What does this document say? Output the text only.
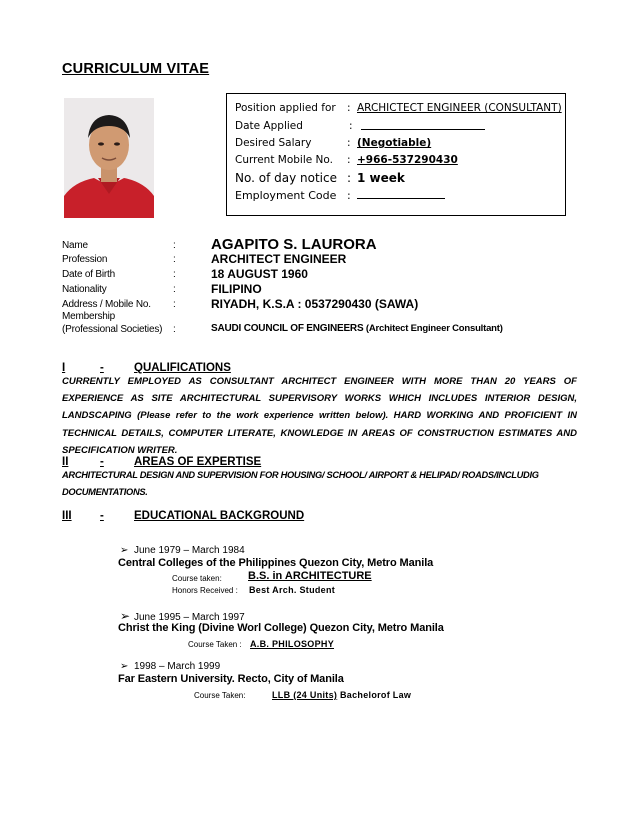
CURRICULUM VITAE
Position applied for : ARCHICTECT ENGINEER (CONSULTANT)
Date Applied	:
Desired Salary	: (Negotiable)
Current Mobile No. : +966-537290430
No. of day notice : 1 week
Employment Code :
Name	: AGAPITO S. LAURORA
Profession	:	ARCHITECT ENGINEER
Date of Birth	:	18 AUGUST 1960
Nationality	:	FILIPINO
Address / Mobile No. :	RIYADH, K.S.A : 0537290430 (SAWA)
Membership
(Professional Societies) :	SAUDI COUNCIL OF ENGINEERS (Architect Engineer Consultant)
I	-	QUALIFICATIONS
CURRENTLY EMPLOYED AS CONSULTANT ARCHITECT ENGINEER WITH MORE THAN 20 YEARS OF EXPERIENCE AS SITE ARCHITECTURAL SUPERVISORY WORKS WHICH INCLUDES INTERIOR DESIGN, LANDSCAPING (Please refer to the work experience written below). HARD WORKING AND PROFICIENT IN TECHNICAL DETAILS, COMPUTER LITERATE, KNOWLEDGE IN AREAS OF CONSTRUCTION ESTIMATES AND SPECIFICATION WRITER.
II	-	AREAS OF EXPERTISE
ARCHITECTURAL DESIGN AND SUPERVISION FOR HOUSING/ SCHOOL/ AIRPORT & HELIPAD/ ROADS/INCLUDIG DOCUMENTATIONS.
III -	EDUCATIONAL BACKGROUND
➢ June 1979 – March 1984
Central Colleges of the Philippines Quezon City, Metro Manila
Course taken: B.S. in ARCHITECTURE
Honors Received : Best Arch. Student
➢ June 1995 – March 1997
Christ the King (Divine Worl College) Quezon City, Metro Manila
Course Taken : A.B. PHILOSOPHY
➢ 1998 – March 1999
Far Eastern University. Recto, City of Manila
Course Taken:	LLB (24 Units) Bachelorof Law
